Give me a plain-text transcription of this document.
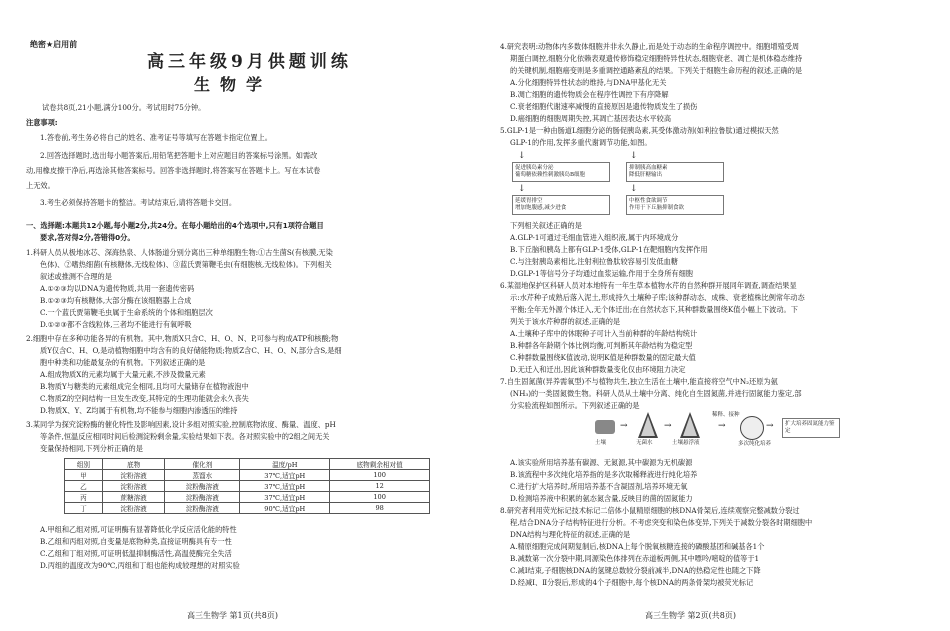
绝密★启用前
高三年级9月供题训练
生物学
试卷共8页,21小题,满分100分。考试用时75分钟。
注意事项:
1.答卷前,考生务必将自己的姓名、准考证号等填写在答题卡指定位置上。
2.回答选择题时,选出每小题答案后,用铅笔把答题卡上对应题目的答案标号涂黑。如需改
动,用橡皮擦干净后,再选涂其他答案标号。回答非选择题时,将答案写在答题卡上。写在本试卷
上无效。
3.考生必须保持答题卡的整洁。考试结束后,请将答题卡交回。
一、选择题:本题共12小题,每小题2分,共24分。在每小题给出的4个选项中,只有1项符合题目
要求,答对得2分,答错得0分。
1.科研人员从极地冰芯、深海热泉、人体肠道分别分离出三种单细胞生物:①古生菌S(有核膜,无染
色体)、②嗜热细菌(有核糖体,无线粒体)、③蓝氏贾第鞭毛虫(有细胞核,无线粒体)。下列相关
叙述或推测不合理的是
A.①②③均以DNA为遗传物质,共用一套遗传密码
B.①②③均有核糖体,大部分酶在该细胞器上合成
C.一个蓝氏贾第鞭毛虫属于生命系统的个体和细胞层次
D.①②③都不含线粒体,三者均不能进行有氧呼吸
2.细胞中存在多种功能各异的有机物。其中,物质X只含C、H、O、N、P,可参与构成ATP和核酸;物
质Y仅含C、H、O,是动植物细胞中均含有的良好储能物质;物质Z含C、H、O、N,部分含S,是细
胞中种类和功能最复杂的有机物。下列叙述正确的是
A.组成物质X的元素均属于大量元素,不涉及微量元素
B.物质Y与糖类的元素组成完全相同,且均可大量储存在植物液泡中
C.物质Z的空间结构一旦发生改变,其特定的生理功能就会永久丧失
D.物质X、Y、Z均属于有机物,均不能参与细胞内渗透压的维持
3.某同学为探究淀粉酶的催化特性及影响因素,设计多组对照实验,控制底物浓度、酶量、温度、pH
等条件,恒温反应相同时间后检测淀粉剩余量,实验结果如下表。各对照实验中的2组之间无关
变量保持相同,下列分析正确的是
组别	底物	催化剂	温度/pH	底物剩余相对值
甲	淀粉溶液	蒸馏水	37℃,适宜pH	100
乙	淀粉溶液	淀粉酶溶液	37℃,适宜pH	12
丙	蔗糖溶液	淀粉酶溶液	37℃,适宜pH	100
丁	淀粉溶液	淀粉酶溶液	90℃,适宜pH	98
A.甲组和乙组对照,可证明酶有显著降低化学反应活化能的特性
B.乙组和丙组对照,自变量是底物种类,直接证明酶具有专一性
C.乙组和丁组对照,可证明低温抑制酶活性,高温使酶完全失活
D.丙组的温度改为90℃,丙组和丁组也能构成较理想的对照实验
高三生物学 第1页(共8页)
4.研究表明:动物体内多数体细胞并非永久静止,而是处于动态的生命程序调控中。细胞增殖受周
期蛋白调控,细胞分化依赖表观遗传修饰稳定细胞特异性状态,细胞衰老、凋亡是机体稳态维持
的关键机制,细胞癌变则是多重调控通路紊乱的结果。下列关于细胞生命历程的叙述,正确的是
A.分化细胞特异性状态的维持,与DNA甲基化无关
B.凋亡细胞的遗传物质会在程序性调控下有序降解
C.衰老细胞代谢速率减慢的直接原因是遗传物质发生了损伤
D.癌细胞的细胞周期失控,其凋亡基因表达水平较高
5.GLP-1是一种由肠道L细胞分泌的肠促胰岛素,其受体激动剂(如利拉鲁肽)通过模拟天然
GLP-1的作用,发挥多重代谢调节功能,如图。
↓	↓
促进胰岛素分泌
葡萄糖依赖性刺激胰岛B细胞
抑制胰高血糖素
降低肝糖输出
↓	↓
延缓胃排空
增加饱腹感,减少进食
中枢性食欲调节
作用于下丘脑抑制食欲
下列相关叙述正确的是
A.GLP-1可通过毛细血管进入组织液,属于内环境成分
B.下丘脑和胰岛上都有GLP-1受体,GLP-1在靶细胞内发挥作用
C.与注射胰岛素相比,注射利拉鲁肽较容易引发低血糖
D.GLP-1等信号分子均通过血浆运输,作用于全身所有细胞
6.某湿地保护区科研人员对本地特有一年生草本植物水芹的自然种群开展同年调查,调查结果显
示:水芹种子成熟后落入泥土,形成持久土壤种子库;该种群动态、成株、衰老植株比例常年动态
平衡;全年无外源个体迁入,无个体迁出;在自然状态下,其种群数量围绕K值小幅上下波动。下
列关于该水芹种群的叙述,正确的是
A.土壤种子库中的休眠种子可计入当前种群的年龄结构统计
B.种群各年龄期个体比例均衡,可判断其年龄结构为稳定型
C.种群数量围绕K值波动,说明K值是种群数量的固定最大值
D.无迁入和迁出,因此该种群数量变化仅由环境阻力决定
7.自生固氮菌(异养需氧型)不与植物共生,独立生活在土壤中,能直接将空气中N₂还原为氨
(NH₃)的一类固氮微生物。科研人员从土壤中分离、纯化自生固氮菌,并进行固氮能力鉴定,部
分实验流程如图所示。下列叙述正确的是
土壤
→
无菌水
→
土壤悬浮液
稀释、接种
→
多次纯化培养
→	扩大培养固氮能力鉴定
A.该实验所用培养基有碳源、无氮源,其中碳源为无机碳源
B.该流程中多次纯化培养指的是多次取稀释液进行纯化培养
C.进行扩大培养时,所用培养基不含凝固剂,培养环境无氧
D.检测培养液中积累的氨态氮含量,反映目的菌的固氮能力
8.研究者利用荧光标记技术标记二倍体小鼠精原细胞的核DNA骨架后,连续观察完整减数分裂过
程,结合DNA分子结构特征进行分析。不考虑突变和染色体变异,下列关于减数分裂各时期细胞中
DNA结构与理化特征的叙述,正确的是
A.精原细胞完成间期复制后,核DNA上每个脱氧核糖连接的磷酸基团和碱基各1个
B.减数第一次分裂中期,同源染色体排列在赤道板两侧,其中嘌呤/嘧啶的值等于1
C.减Ⅰ结束,子细胞核DNA的氢键总数较分裂前减半,DNA的热稳定性也随之下降
D.经减Ⅰ、Ⅱ分裂后,形成的4个子细胞中,每个核DNA的两条骨架均被荧光标记
高三生物学 第2页(共8页)
